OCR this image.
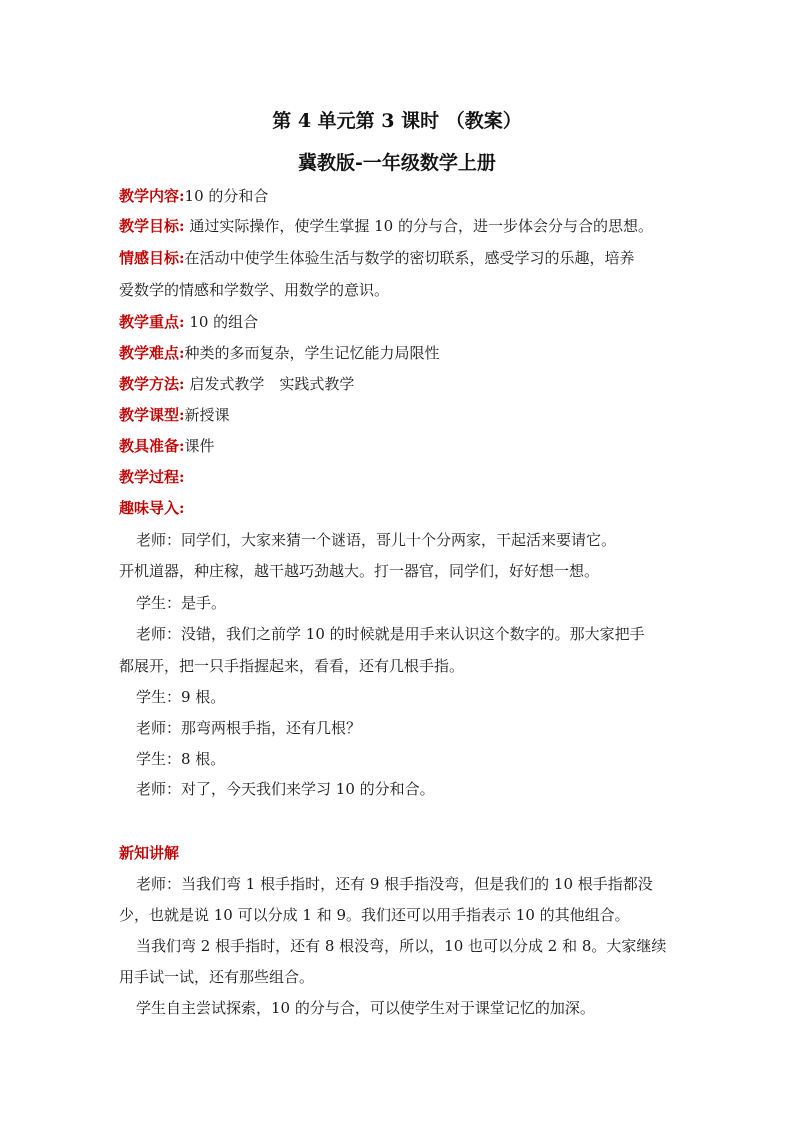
第 4 单元第 3 课时 （教案）
冀教版-一年级数学上册
教学内容:10 的分和合
教学目标: 通过实际操作，使学生掌握 10 的分与合，进一步体会分与合的思想。
情感目标:在活动中使学生体验生活与数学的密切联系，感受学习的乐趣，培养
爱数学的情感和学数学、用数学的意识。
教学重点: 10 的组合
教学难点:种类的多而复杂，学生记忆能力局限性
教学方法: 启发式教学　实践式教学
教学课型:新授课
教具准备:课件
教学过程:
趣味导入:
老师：同学们，大家来猜一个谜语，哥儿十个分两家，干起活来要请它。
开机道器，种庄稼，越干越巧劲越大。打一器官，同学们，好好想一想。
学生：是手。
老师：没错，我们之前学 10 的时候就是用手来认识这个数字的。那大家把手
都展开，把一只手指握起来，看看，还有几根手指。
学生：9 根。
老师：那弯两根手指，还有几根？
学生：8 根。
老师：对了，今天我们来学习 10 的分和合。
新知讲解
老师：当我们弯 1 根手指时，还有 9 根手指没弯，但是我们的 10 根手指都没
少，也就是说 10 可以分成 1 和 9。我们还可以用手指表示 10 的其他组合。
当我们弯 2 根手指时，还有 8 根没弯，所以，10 也可以分成 2 和 8。大家继续
用手试一试，还有那些组合。
学生自主尝试探索，10 的分与合，可以使学生对于课堂记忆的加深。
